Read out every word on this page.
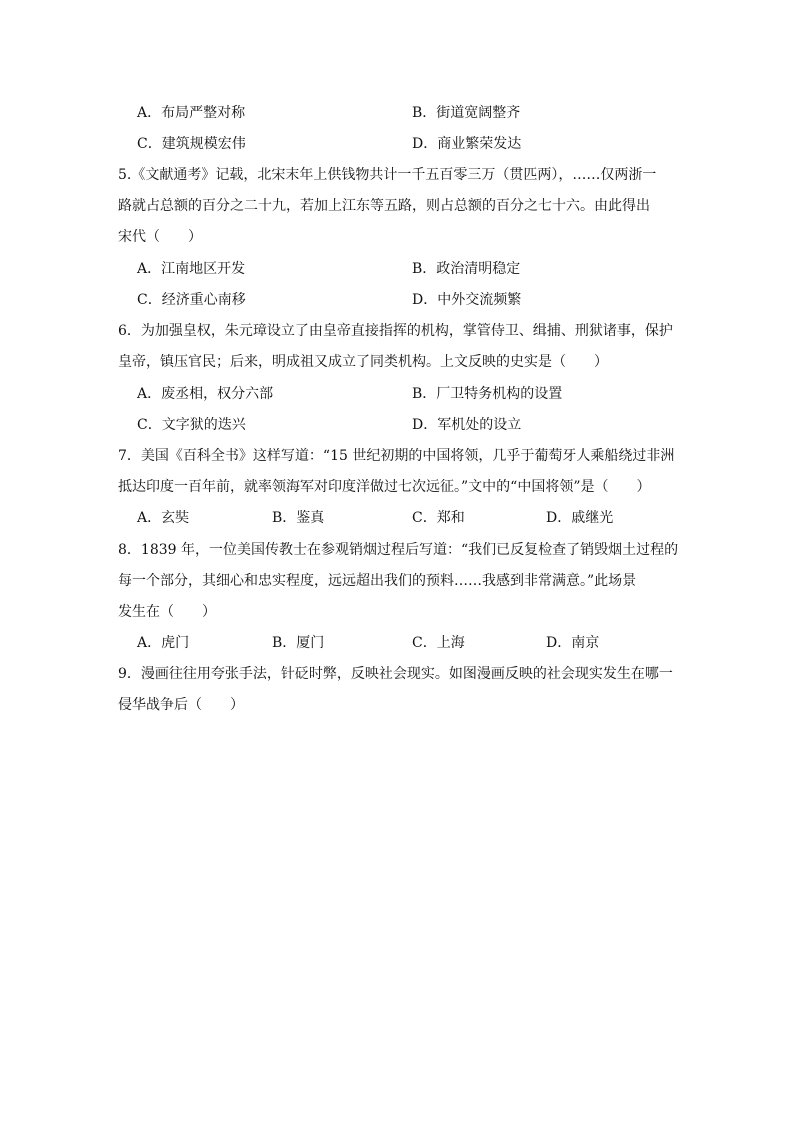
A．布局严整对称	B．街道宽阔整齐
C．建筑规模宏伟	D．商业繁荣发达
5.《文献通考》记载，北宋末年上供钱物共计一千五百零三万（贯匹两），……仅两浙一
路就占总额的百分之二十九，若加上江东等五路，则占总额的百分之七十六。由此得出
宋代（　　）
A．江南地区开发	B．政治清明稳定
C．经济重心南移	D．中外交流频繁
6．为加强皇权，朱元璋设立了由皇帝直接指挥的机构，掌管侍卫、缉捕、刑狱诸事，保护
皇帝，镇压官民；后来，明成祖又成立了同类机构。上文反映的史实是（　　）
A．废丞相，权分六部	B．厂卫特务机构的设置
C．文字狱的迭兴	D．军机处的设立
7．美国《百科全书》这样写道：“15 世纪初期的中国将领，几乎于葡萄牙人乘船绕过非洲
抵达印度一百年前，就率领海军对印度洋做过七次远征。”文中的“中国将领”是（　　）
A．玄奘	B．鉴真	C．郑和	D．戚继光
8．1839 年，一位美国传教士在参观销烟过程后写道：“我们已反复检查了销毁烟土过程的
每一个部分，其细心和忠实程度，远远超出我们的预料……我感到非常满意。”此场景
发生在（　　）
A．虎门	B．厦门	C．上海	D．南京
9．漫画往往用夸张手法，针砭时弊，反映社会现实。如图漫画反映的社会现实发生在哪一
侵华战争后（　　）
